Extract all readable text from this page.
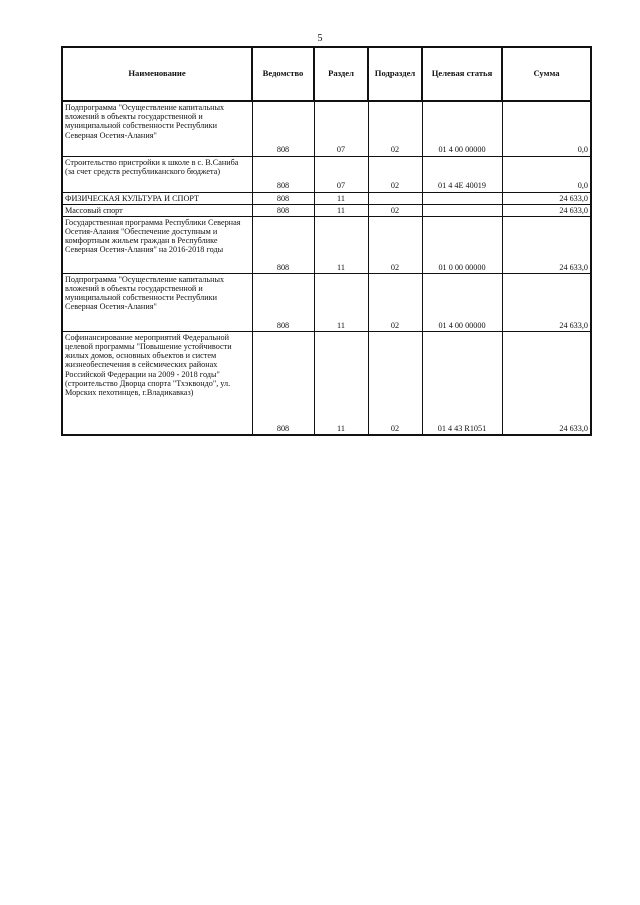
5
Наименование	Ведомство	Раздел	Подраздел	Целевая статья	Сумма
Подпрограмма "Осуществление капитальных вложений в объекты государственной и муниципальной собственности Республики Северная Осетия-Алания"	808	07	02	01 4 00 00000	0,0
Строительство пристройки к школе в с. В.Саниба (за счет средств республиканского бюджета)	808	07	02	01 4 4E 40019	0,0
ФИЗИЧЕСКАЯ КУЛЬТУРА И СПОРТ	808	11			24 633,0
Массовый спорт	808	11	02		24 633,0
Государственная программа Республики Северная Осетия-Алания "Обеспечение доступным и комфортным жильем граждан в Республике Северная Осетия-Алания" на 2016-2018 годы	808	11	02	01 0 00 00000	24 633,0
Подпрограмма "Осуществление капитальных вложений в объекты государственной и муниципальной собственности Республики Северная Осетия-Алания"	808	11	02	01 4 00 00000	24 633,0
Софинансирование мероприятий Федеральной целевой программы "Повышение устойчивости жилых домов, основных объектов и систем жизнеобеспечения в сейсмических районах Российской Федерации на 2009 - 2018 годы" (строительство Дворца спорта "Тхэквондо", ул. Морских пехотинцев, г.Владикавказ)	808	11	02	01 4 43 R1051	24 633,0
